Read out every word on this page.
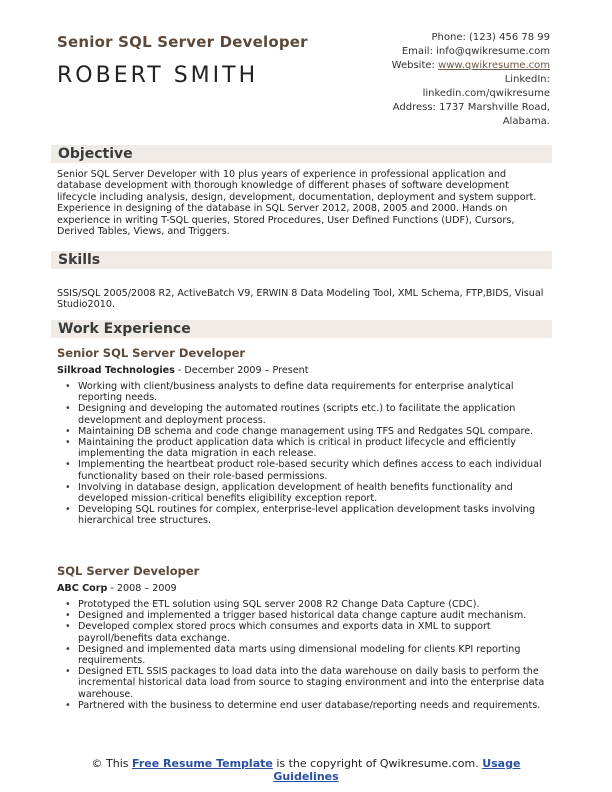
Senior SQL Server Developer
ROBERT SMITH
Phone: (123) 456 78 99
Email: info@qwikresume.com
Website: www.qwikresume.com
LinkedIn:
linkedin.com/qwikresume
Address: 1737 Marshville Road,
Alabama.
Objective
Senior SQL Server Developer with 10 plus years of experience in professional application and database development with thorough knowledge of different phases of software development lifecycle including analysis, design, development, documentation, deployment and system support. Experience in designing of the database in SQL Server 2012, 2008, 2005 and 2000. Hands on experience in writing T-SQL queries, Stored Procedures, User Defined Functions (UDF), Cursors, Derived Tables, Views, and Triggers.
Skills
SSIS/SQL 2005/2008 R2, ActiveBatch V9, ERWIN 8 Data Modeling Tool, XML Schema, FTP,BIDS, Visual Studio2010.
Work Experience
Senior SQL Server Developer
Silkroad Technologies - December 2009 – Present
• Working with client/business analysts to define data requirements for enterprise analytical reporting needs.
• Designing and developing the automated routines (scripts etc.) to facilitate the application development and deployment process.
• Maintaining DB schema and code change management using TFS and Redgates SQL compare.
• Maintaining the product application data which is critical in product lifecycle and efficiently implementing the data migration in each release.
• Implementing the heartbeat product role-based security which defines access to each individual functionality based on their role-based permissions.
• Involving in database design, application development of health benefits functionality and developed mission-critical benefits eligibility exception report.
• Developing SQL routines for complex, enterprise-level application development tasks involving hierarchical tree structures.
SQL Server Developer
ABC Corp - 2008 – 2009
• Prototyped the ETL solution using SQL server 2008 R2 Change Data Capture (CDC).
• Designed and implemented a trigger based historical data change capture audit mechanism.
• Developed complex stored procs which consumes and exports data in XML to support payroll/benefits data exchange.
• Designed and implemented data marts using dimensional modeling for clients KPI reporting requirements.
• Designed ETL SSIS packages to load data into the data warehouse on daily basis to perform the incremental historical data load from source to staging environment and into the enterprise data warehouse.
• Partnered with the business to determine end user database/reporting needs and requirements.
© This Free Resume Template is the copyright of Qwikresume.com. Usage Guidelines
